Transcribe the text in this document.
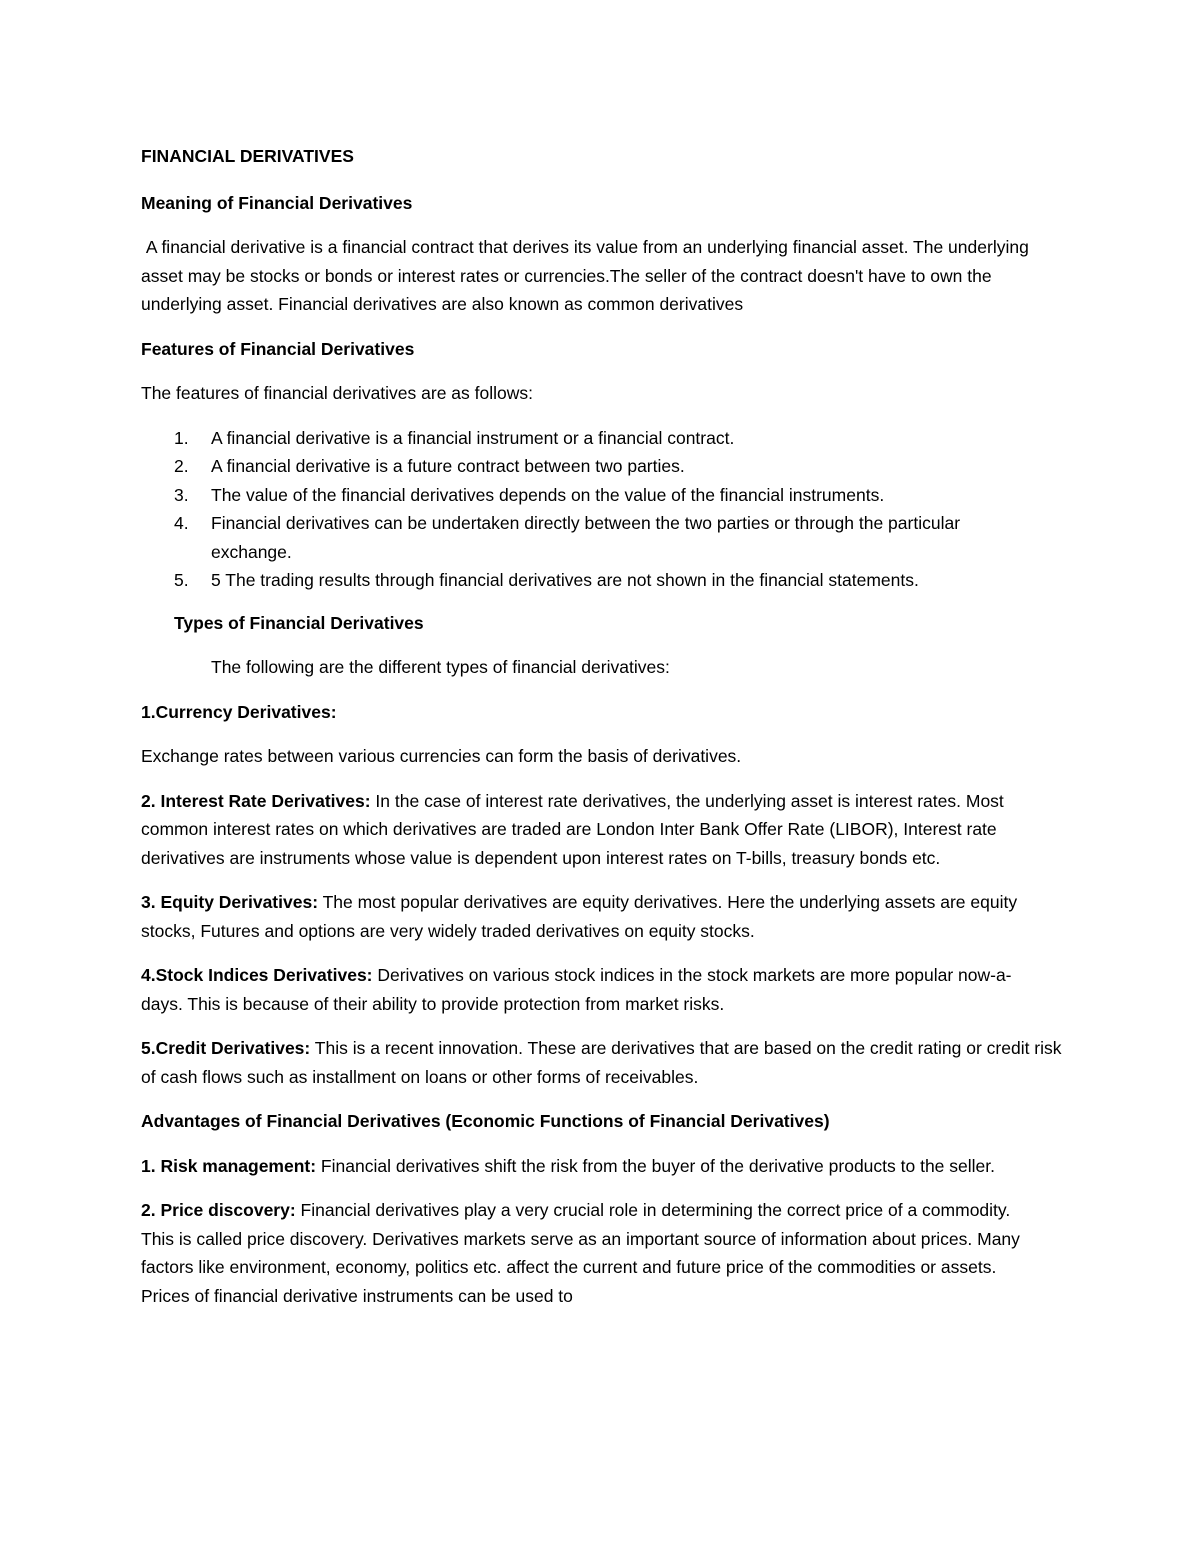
FINANCIAL DERIVATIVES

Meaning of Financial Derivatives

A financial derivative is a financial contract that derives its value from an underlying financial asset. The underlying asset may be stocks or bonds or interest rates or currencies.The seller of the contract doesn't have to own the underlying asset. Financial derivatives are also known as common derivatives

Features of Financial Derivatives

The features of financial derivatives are as follows:

1. A financial derivative is a financial instrument or a financial contract.
2. A financial derivative is a future contract between two parties.
3. The value of the financial derivatives depends on the value of the financial instruments.
4. Financial derivatives can be undertaken directly between the two parties or through the particular exchange.
5. 5 The trading results through financial derivatives are not shown in the financial statements.

Types of Financial Derivatives

The following are the different types of financial derivatives:

1.Currency Derivatives:

Exchange rates between various currencies can form the basis of derivatives.

2. Interest Rate Derivatives: In the case of interest rate derivatives, the underlying asset is interest rates. Most common interest rates on which derivatives are traded are London Inter Bank Offer Rate (LIBOR), Interest rate derivatives are instruments whose value is dependent upon interest rates on T-bills, treasury bonds etc.

3. Equity Derivatives: The most popular derivatives are equity derivatives. Here the underlying assets are equity stocks, Futures and options are very widely traded derivatives on equity stocks.

4.Stock Indices Derivatives: Derivatives on various stock indices in the stock markets are more popular now-a-days. This is because of their ability to provide protection from market risks.

5.Credit Derivatives: This is a recent innovation. These are derivatives that are based on the credit rating or credit risk of cash flows such as installment on loans or other forms of receivables.

Advantages of Financial Derivatives (Economic Functions of Financial Derivatives)

1. Risk management: Financial derivatives shift the risk from the buyer of the derivative products to the seller.

2. Price discovery: Financial derivatives play a very crucial role in determining the correct price of a commodity. This is called price discovery. Derivatives markets serve as an important source of information about prices. Many factors like environment, economy, politics etc. affect the current and future price of the commodities or assets. Prices of financial derivative instruments can be used to
